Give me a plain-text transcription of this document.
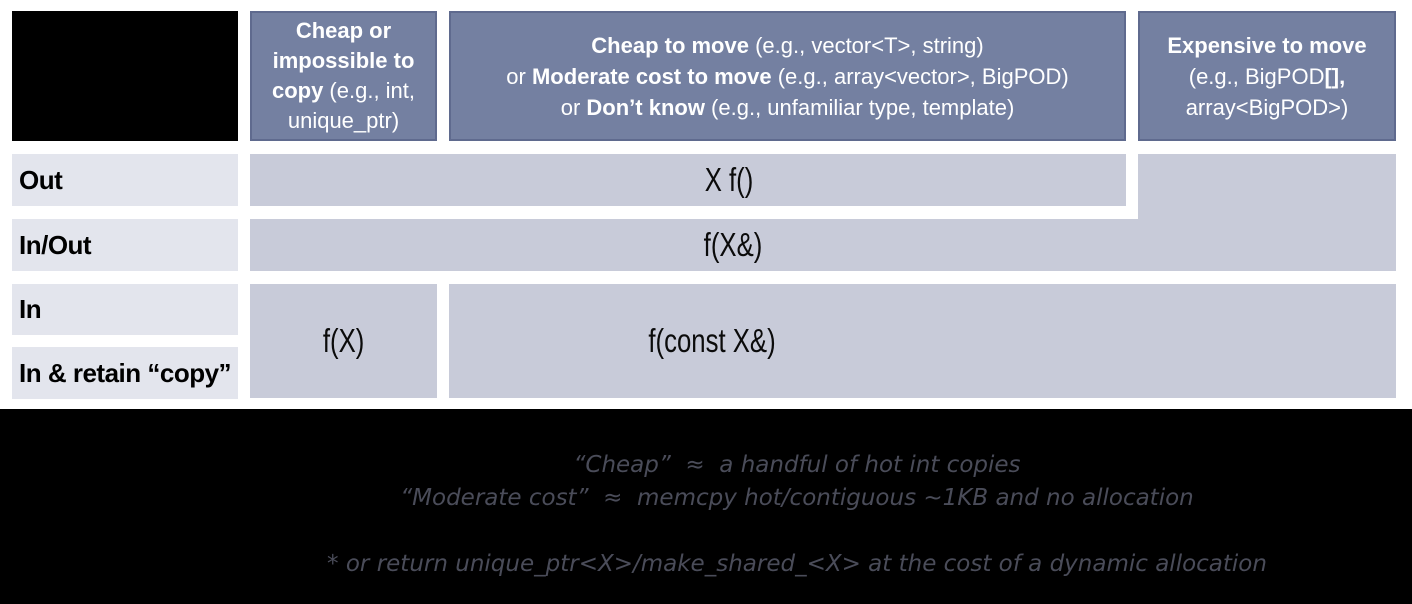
Cheap or impossible to copy (e.g., int, unique_ptr)
Cheap to move (e.g., vector<T>, string)
or Moderate cost to move (e.g., array<vector>, BigPOD)
or Don’t know (e.g., unfamiliar type, template)
Expensive to move
(e.g., BigPOD[],
array<BigPOD>)
Out
In/Out
In
In & retain “copy”
X f()
f(X&)
f(X)	f(const X&)
“Cheap”  ≈  a handful of hot int copies
“Moderate cost”  ≈  memcpy hot/contiguous ~1KB and no allocation
* or return unique_ptr<X>/make_shared_<X> at the cost of a dynamic allocation
